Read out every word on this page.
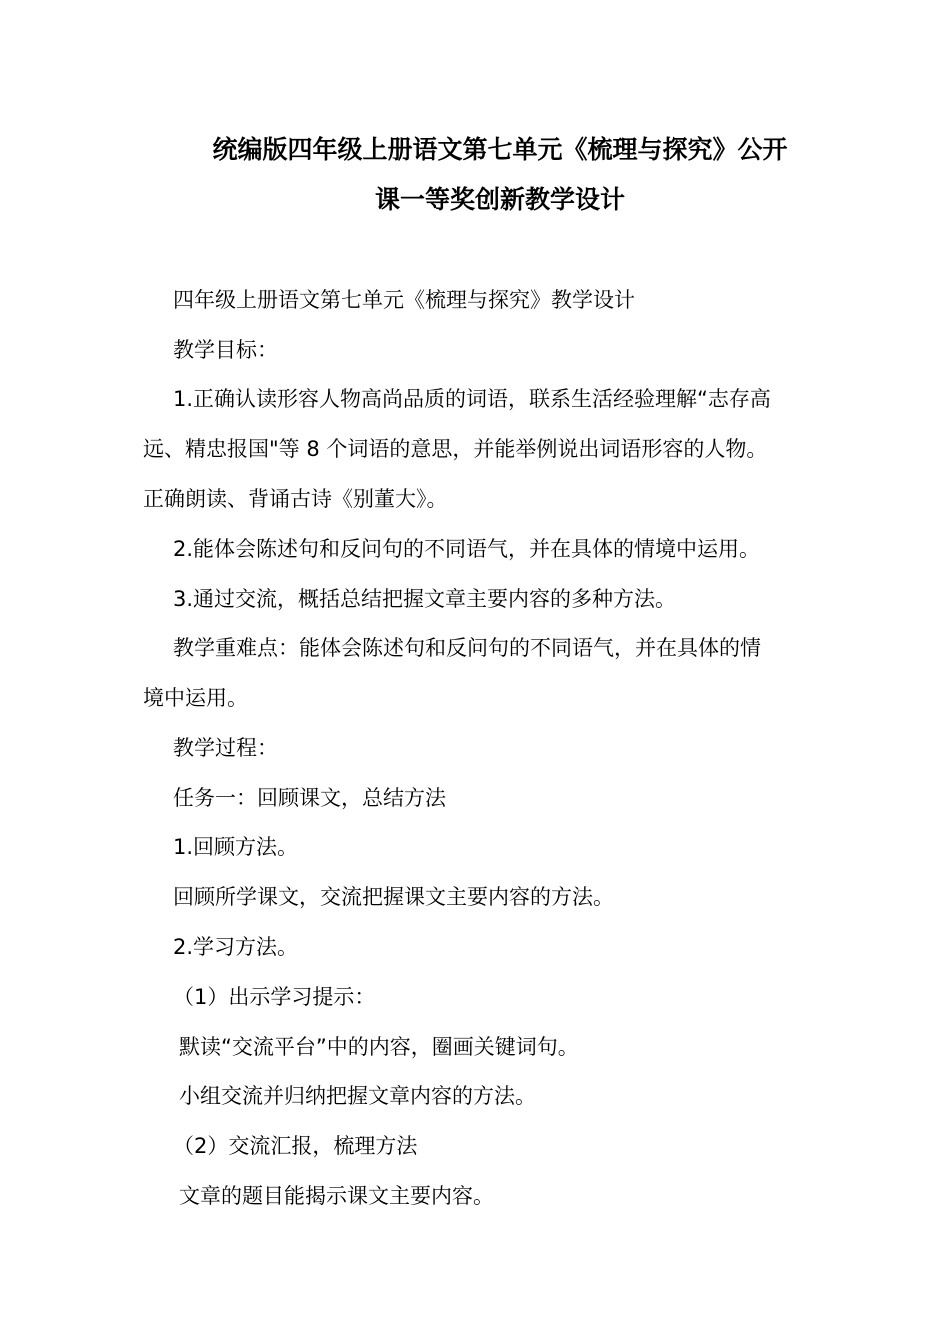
统编版四年级上册语文第七单元《梳理与探究》公开
课一等奖创新教学设计
四年级上册语文第七单元《梳理与探究》教学设计
教学目标：
1.正确认读形容人物高尚品质的词语，联系生活经验理解“志存高
远、精忠报国"等 8 个词语的意思，并能举例说出词语形容的人物。
正确朗读、背诵古诗《别董大》。
2.能体会陈述句和反问句的不同语气，并在具体的情境中运用。
3.通过交流，概括总结把握文章主要内容的多种方法。
教学重难点：能体会陈述句和反问句的不同语气，并在具体的情
境中运用。
教学过程：
任务一：回顾课文，总结方法
1.回顾方法。
回顾所学课文，交流把握课文主要内容的方法。
2.学习方法。
（1）出示学习提示：
默读“交流平台”中的内容，圈画关键词句。
小组交流并归纳把握文章内容的方法。
（2）交流汇报，梳理方法
文章的题目能揭示课文主要内容。
